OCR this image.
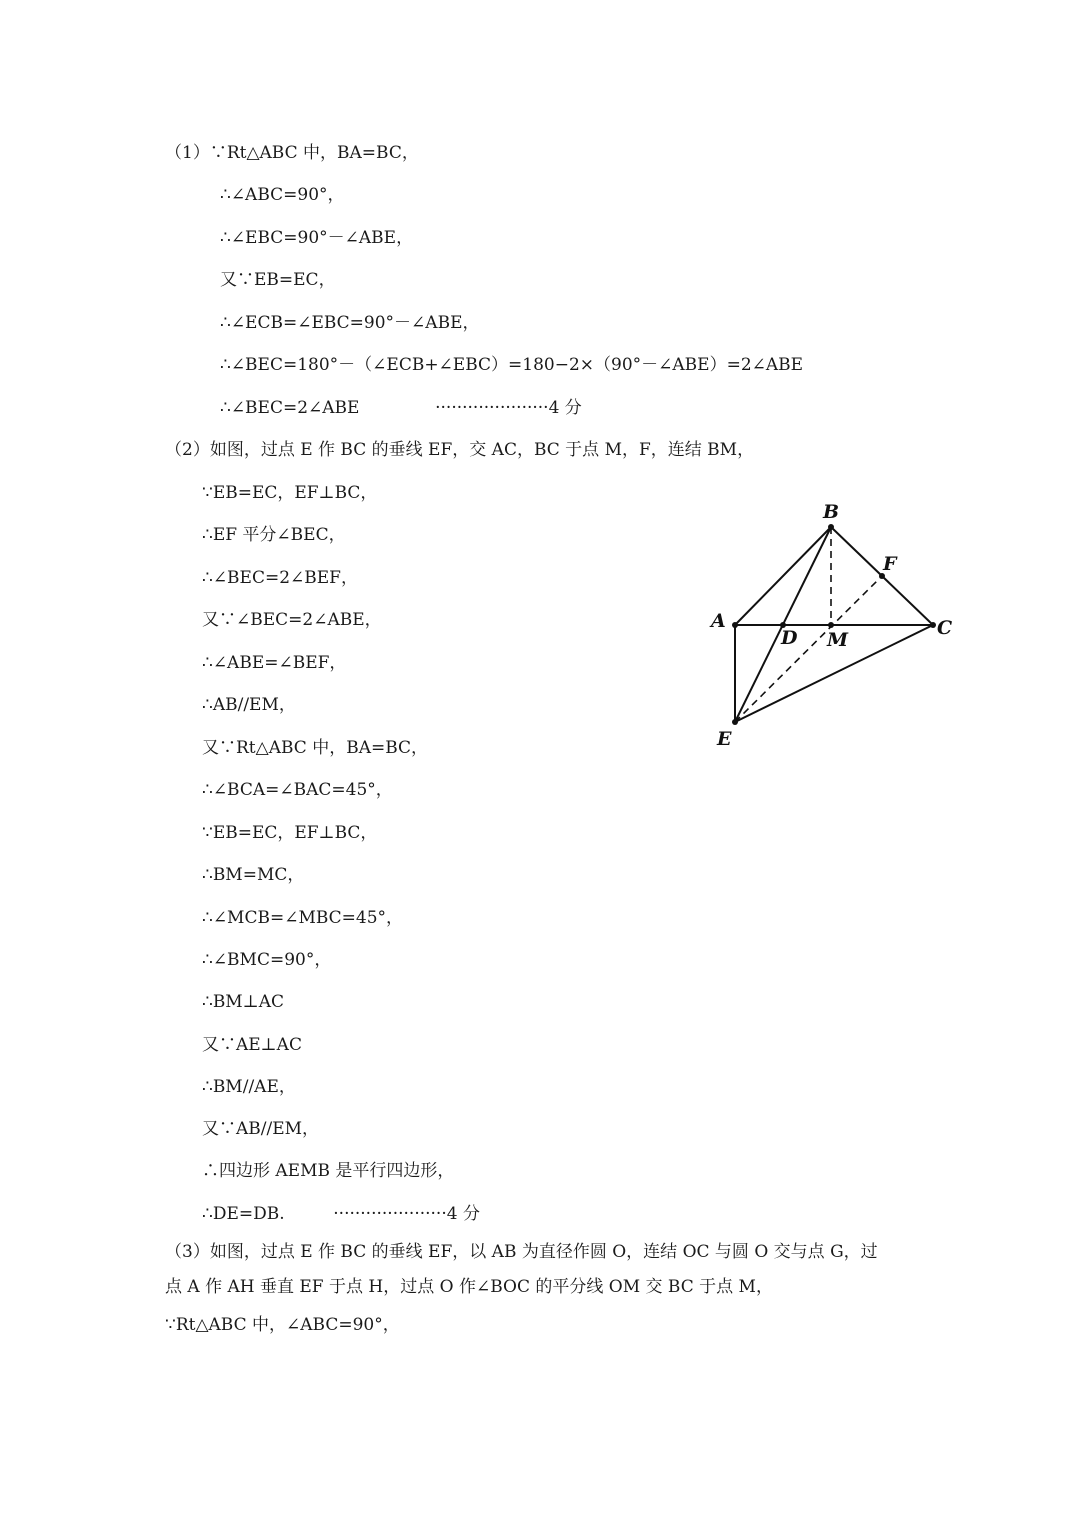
（1）∵Rt△ABC 中，BA=BC，
∴∠ABC=90°，
∴∠EBC=90°－∠ABE，
又∵EB=EC，
∴∠ECB=∠EBC=90°－∠ABE，
∴∠BEC=180°－（∠ECB+∠EBC）=180−2×（90°－∠ABE）=2∠ABE
∴∠BEC=2∠ABE              ·····················4 分
（2）如图，过点 E 作 BC 的垂线 EF，交 AC，BC 于点 M，F，连结 BM，
∵EB=EC，EF⊥BC，
∴EF 平分∠BEC，
∴∠BEC=2∠BEF，
又∵∠BEC=2∠ABE，
∴∠ABE=∠BEF，
∴AB//EM，
又∵Rt△ABC 中，BA=BC，
∴∠BCA=∠BAC=45°，
∵EB=EC，EF⊥BC，
∴BM=MC，
∴∠MCB=∠MBC=45°，
∴∠BMC=90°，
∴BM⊥AC
又∵AE⊥AC
∴BM//AE，
又∵AB//EM，
∴四边形 AEMB 是平行四边形，
∴DE=DB.         ·····················4 分
（3）如图，过点 E 作 BC 的垂线 EF，以 AB 为直径作圆 O，连结 OC 与圆 O 交与点 G，过
点 A 作 AH 垂直 EF 于点 H，过点 O 作∠BOC 的平分线 OM 交 BC 于点 M，
∵Rt△ABC 中，∠ABC=90°，
B
F
A
D M
C
E
